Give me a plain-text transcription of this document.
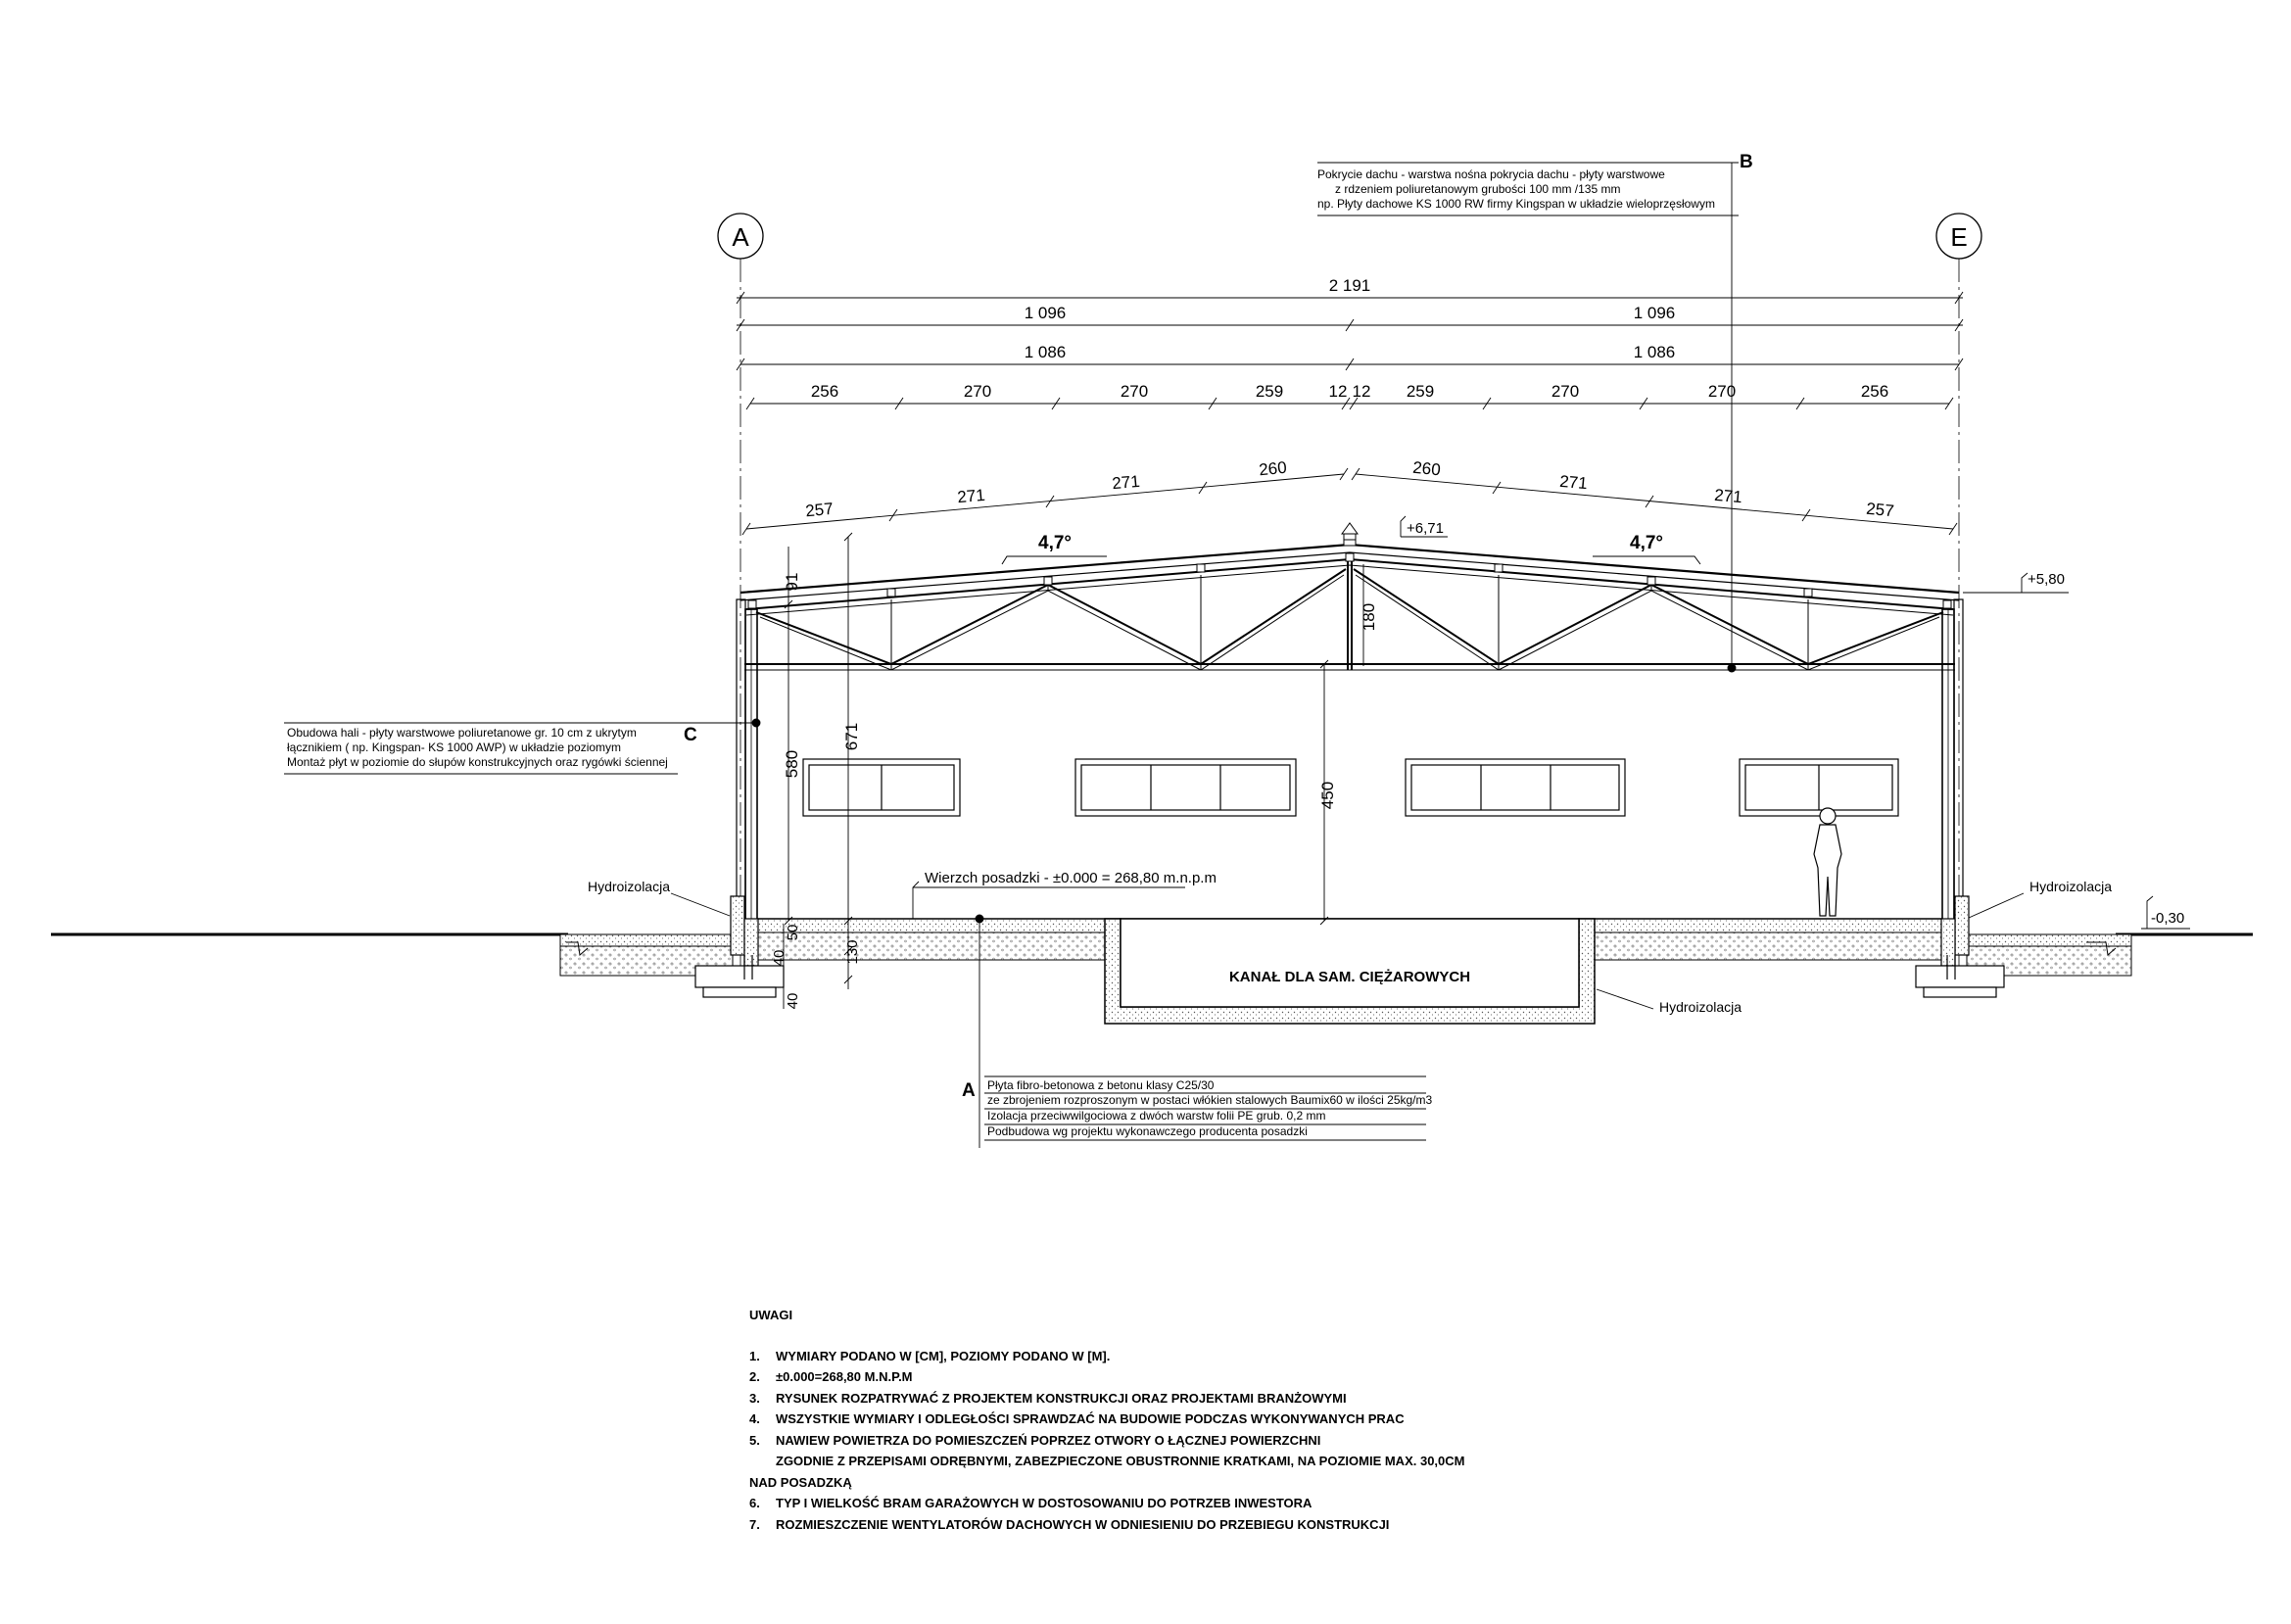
A	E
2 191
1 096	1 096
1 086	1 086
256	270	270	259	12 12 259	270	270	256
257
271
271
260	260
271
271
257
4,7°	4,7°
KANAŁ DLA SAM. CIĘŻAROWYCH
91
580
671
450
180
50
40	130
40
+6,71
+5,80
-0,30
Wierzch posadzki - ±0.000 = 268,80 m.n.p.m
Hydroizolacja	Hydroizolacja
Hydroizolacja
B
Pokrycie dachu - warstwa nośna pokrycia dachu - płyty warstwowe
z rdzeniem poliuretanowym grubości 100 mm /135 mm
np. Płyty dachowe KS 1000 RW firmy Kingspan w układzie wieloprzęsłowym
C
Obudowa hali - płyty warstwowe poliuretanowe gr. 10 cm z ukrytym
łącznikiem ( np. Kingspan- KS 1000 AWP) w układzie poziomym
Montaż płyt w poziomie do słupów konstrukcyjnych oraz rygówki ściennej
A Płyta fibro-betonowa z betonu klasy C25/30
ze zbrojeniem rozproszonym w postaci włókien stalowych Baumix60 w ilości 25kg/m3
Izolacja przeciwwilgociowa z dwóch warstw folii PE grub. 0,2 mm
Podbudowa wg projektu wykonawczego producenta posadzki
UWAGI
1.	WYMIARY PODANO W [CM], POZIOMY PODANO W [M].
2.	±0.000=268,80 M.N.P.M
3.	RYSUNEK ROZPATRYWAĆ Z PROJEKTEM KONSTRUKCJI ORAZ PROJEKTAMI BRANŻOWYMI
4.	WSZYSTKIE WYMIARY I ODLEGŁOŚCI SPRAWDZAĆ NA BUDOWIE PODCZAS WYKONYWANYCH PRAC
5.	NAWIEW POWIETRZA DO POMIESZCZEŃ POPRZEZ OTWORY O ŁĄCZNEJ POWIERZCHNI
ZGODNIE Z PRZEPISAMI ODRĘBNYMI, ZABEZPIECZONE OBUSTRONNIE KRATKAMI, NA POZIOMIE MAX. 30,0CM
NAD POSADZKĄ
6.	TYP I WIELKOŚĆ BRAM GARAŻOWYCH W DOSTOSOWANIU DO POTRZEB INWESTORA
7.	ROZMIESZCZENIE WENTYLATORÓW DACHOWYCH W ODNIESIENIU DO PRZEBIEGU KONSTRUKCJI
